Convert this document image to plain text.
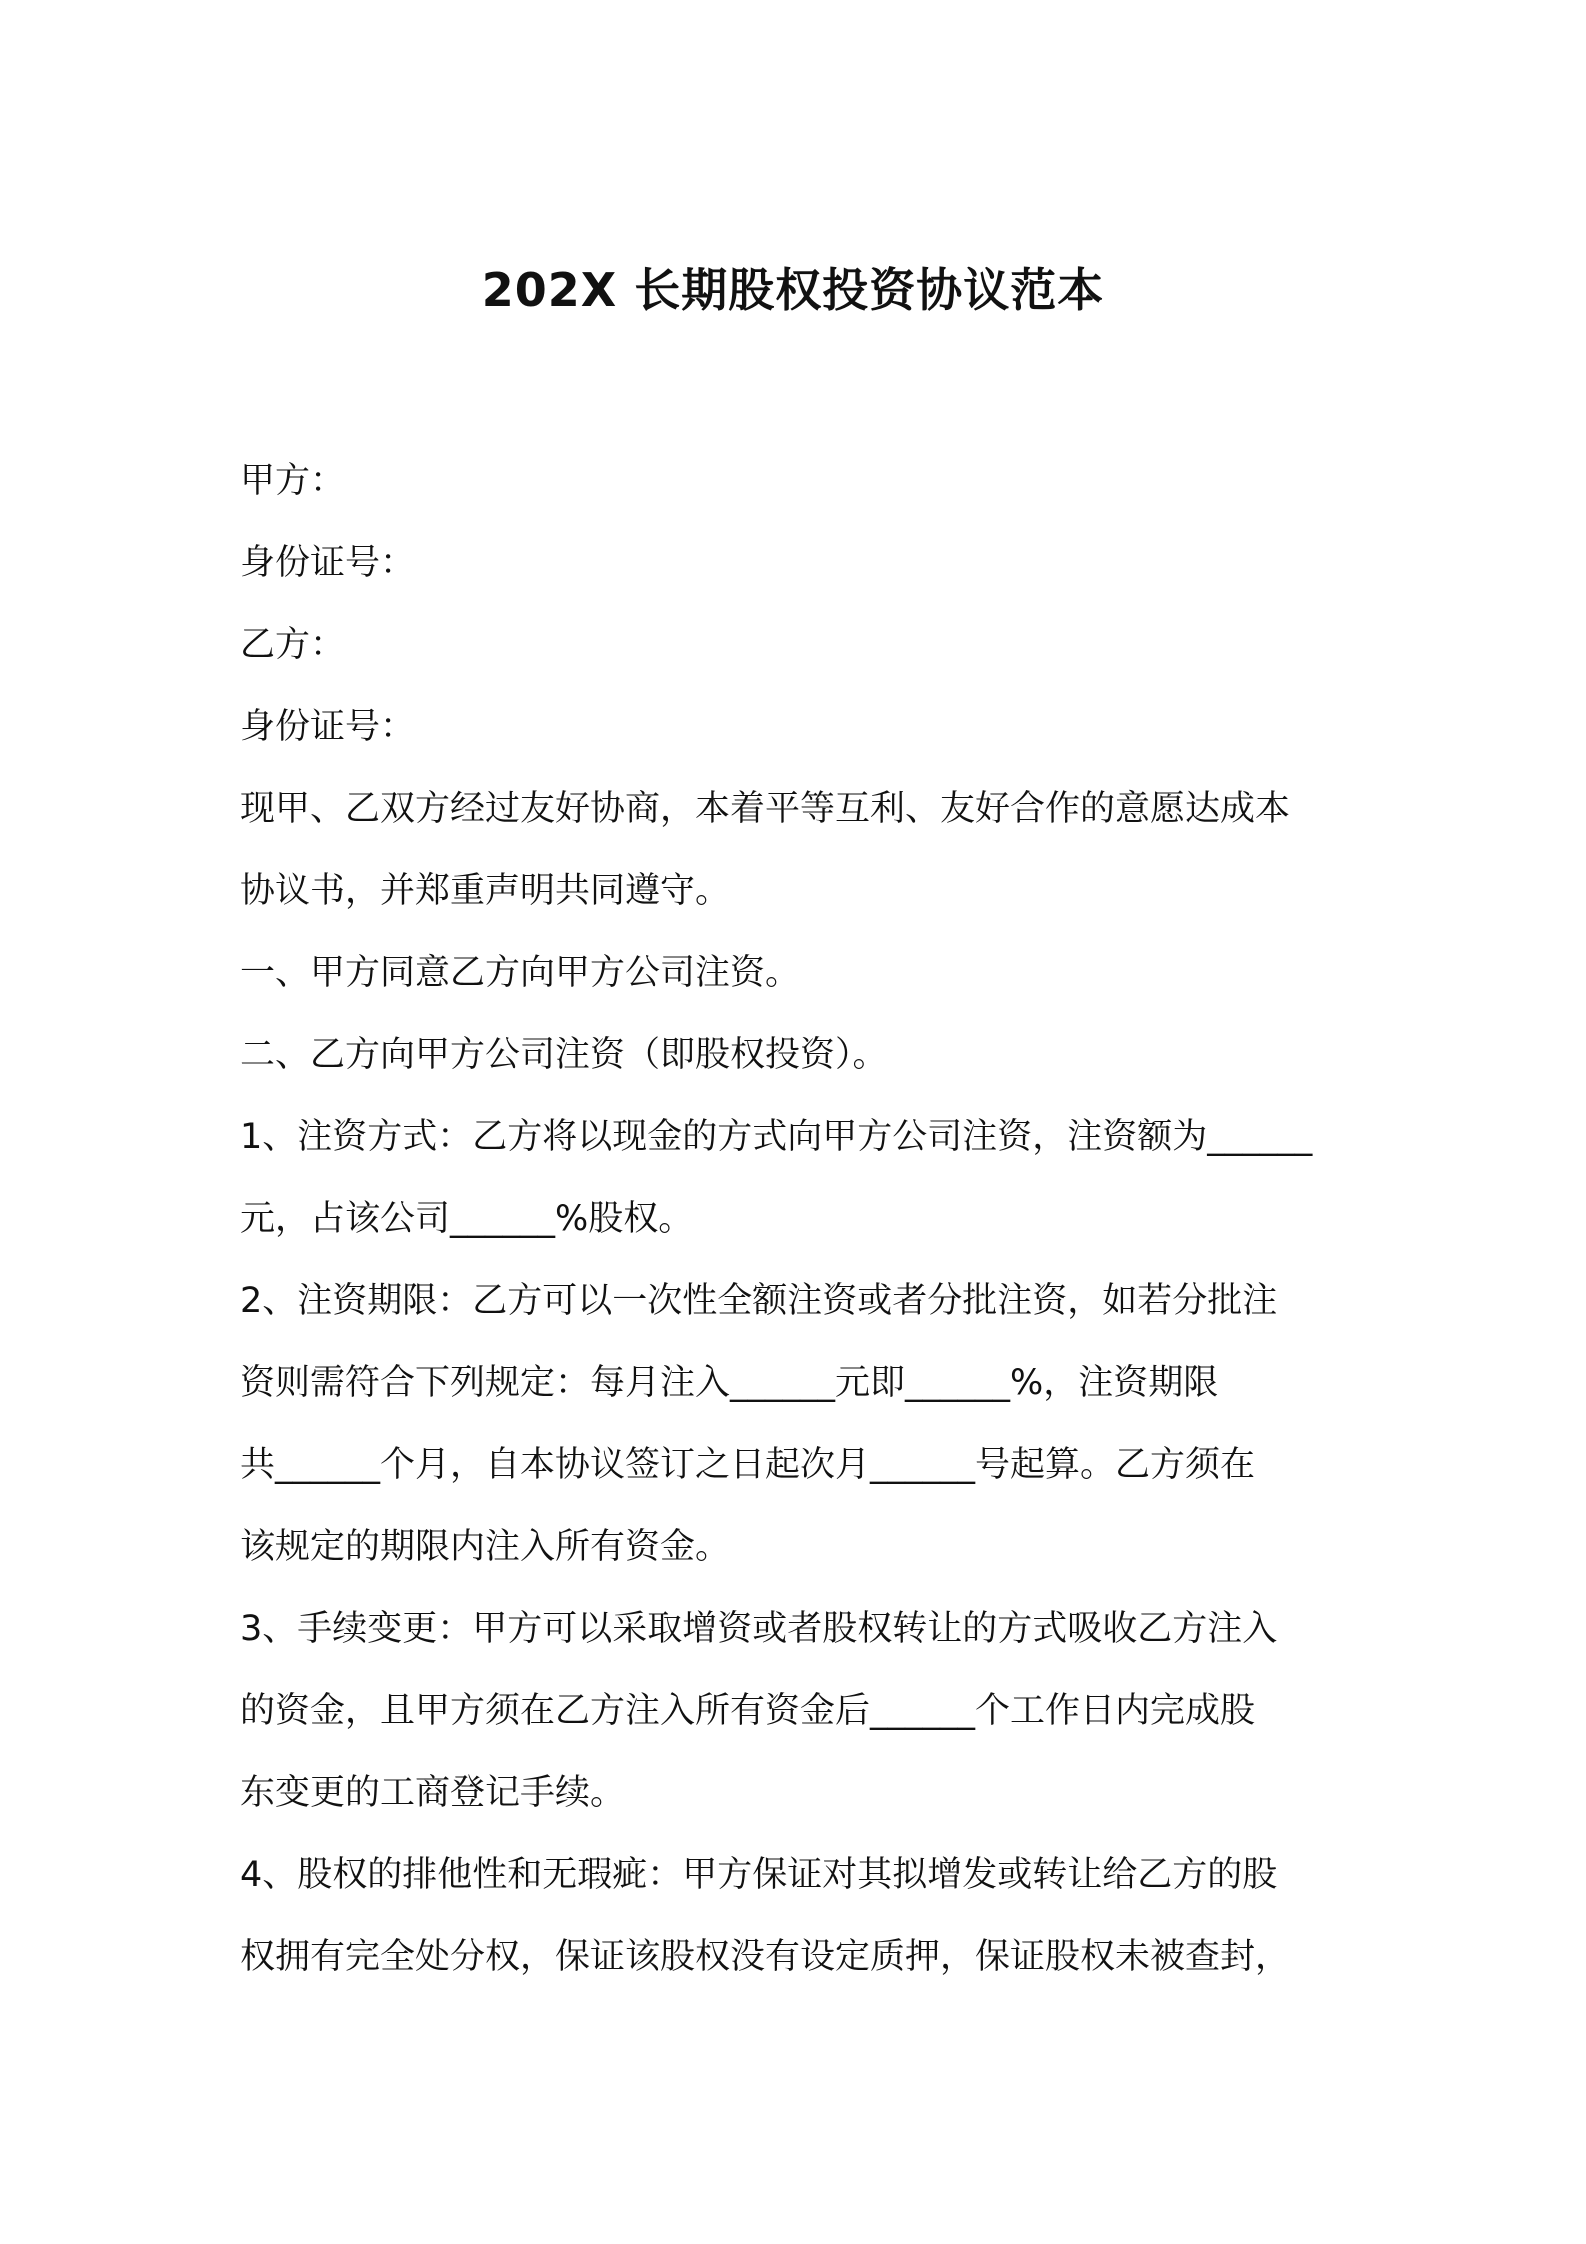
202X 长期股权投资协议范本
甲方：
身份证号：
乙方：
身份证号：
现甲、乙双方经过友好协商，本着平等互利、友好合作的意愿达成本
协议书，并郑重声明共同遵守。
一、甲方同意乙方向甲方公司注资。
二、乙方向甲方公司注资（即股权投资）。
1、注资方式：乙方将以现金的方式向甲方公司注资，注资额为______
元，占该公司______%股权。
2、注资期限：乙方可以一次性全额注资或者分批注资，如若分批注
资则需符合下列规定：每月注入______元即______%，注资期限
共______个月，自本协议签订之日起次月______号起算。乙方须在
该规定的期限内注入所有资金。
3、手续变更：甲方可以采取增资或者股权转让的方式吸收乙方注入
的资金，且甲方须在乙方注入所有资金后______个工作日内完成股
东变更的工商登记手续。
4、股权的排他性和无瑕疵：甲方保证对其拟增发或转让给乙方的股
权拥有完全处分权，保证该股权没有设定质押，保证股权未被查封，
